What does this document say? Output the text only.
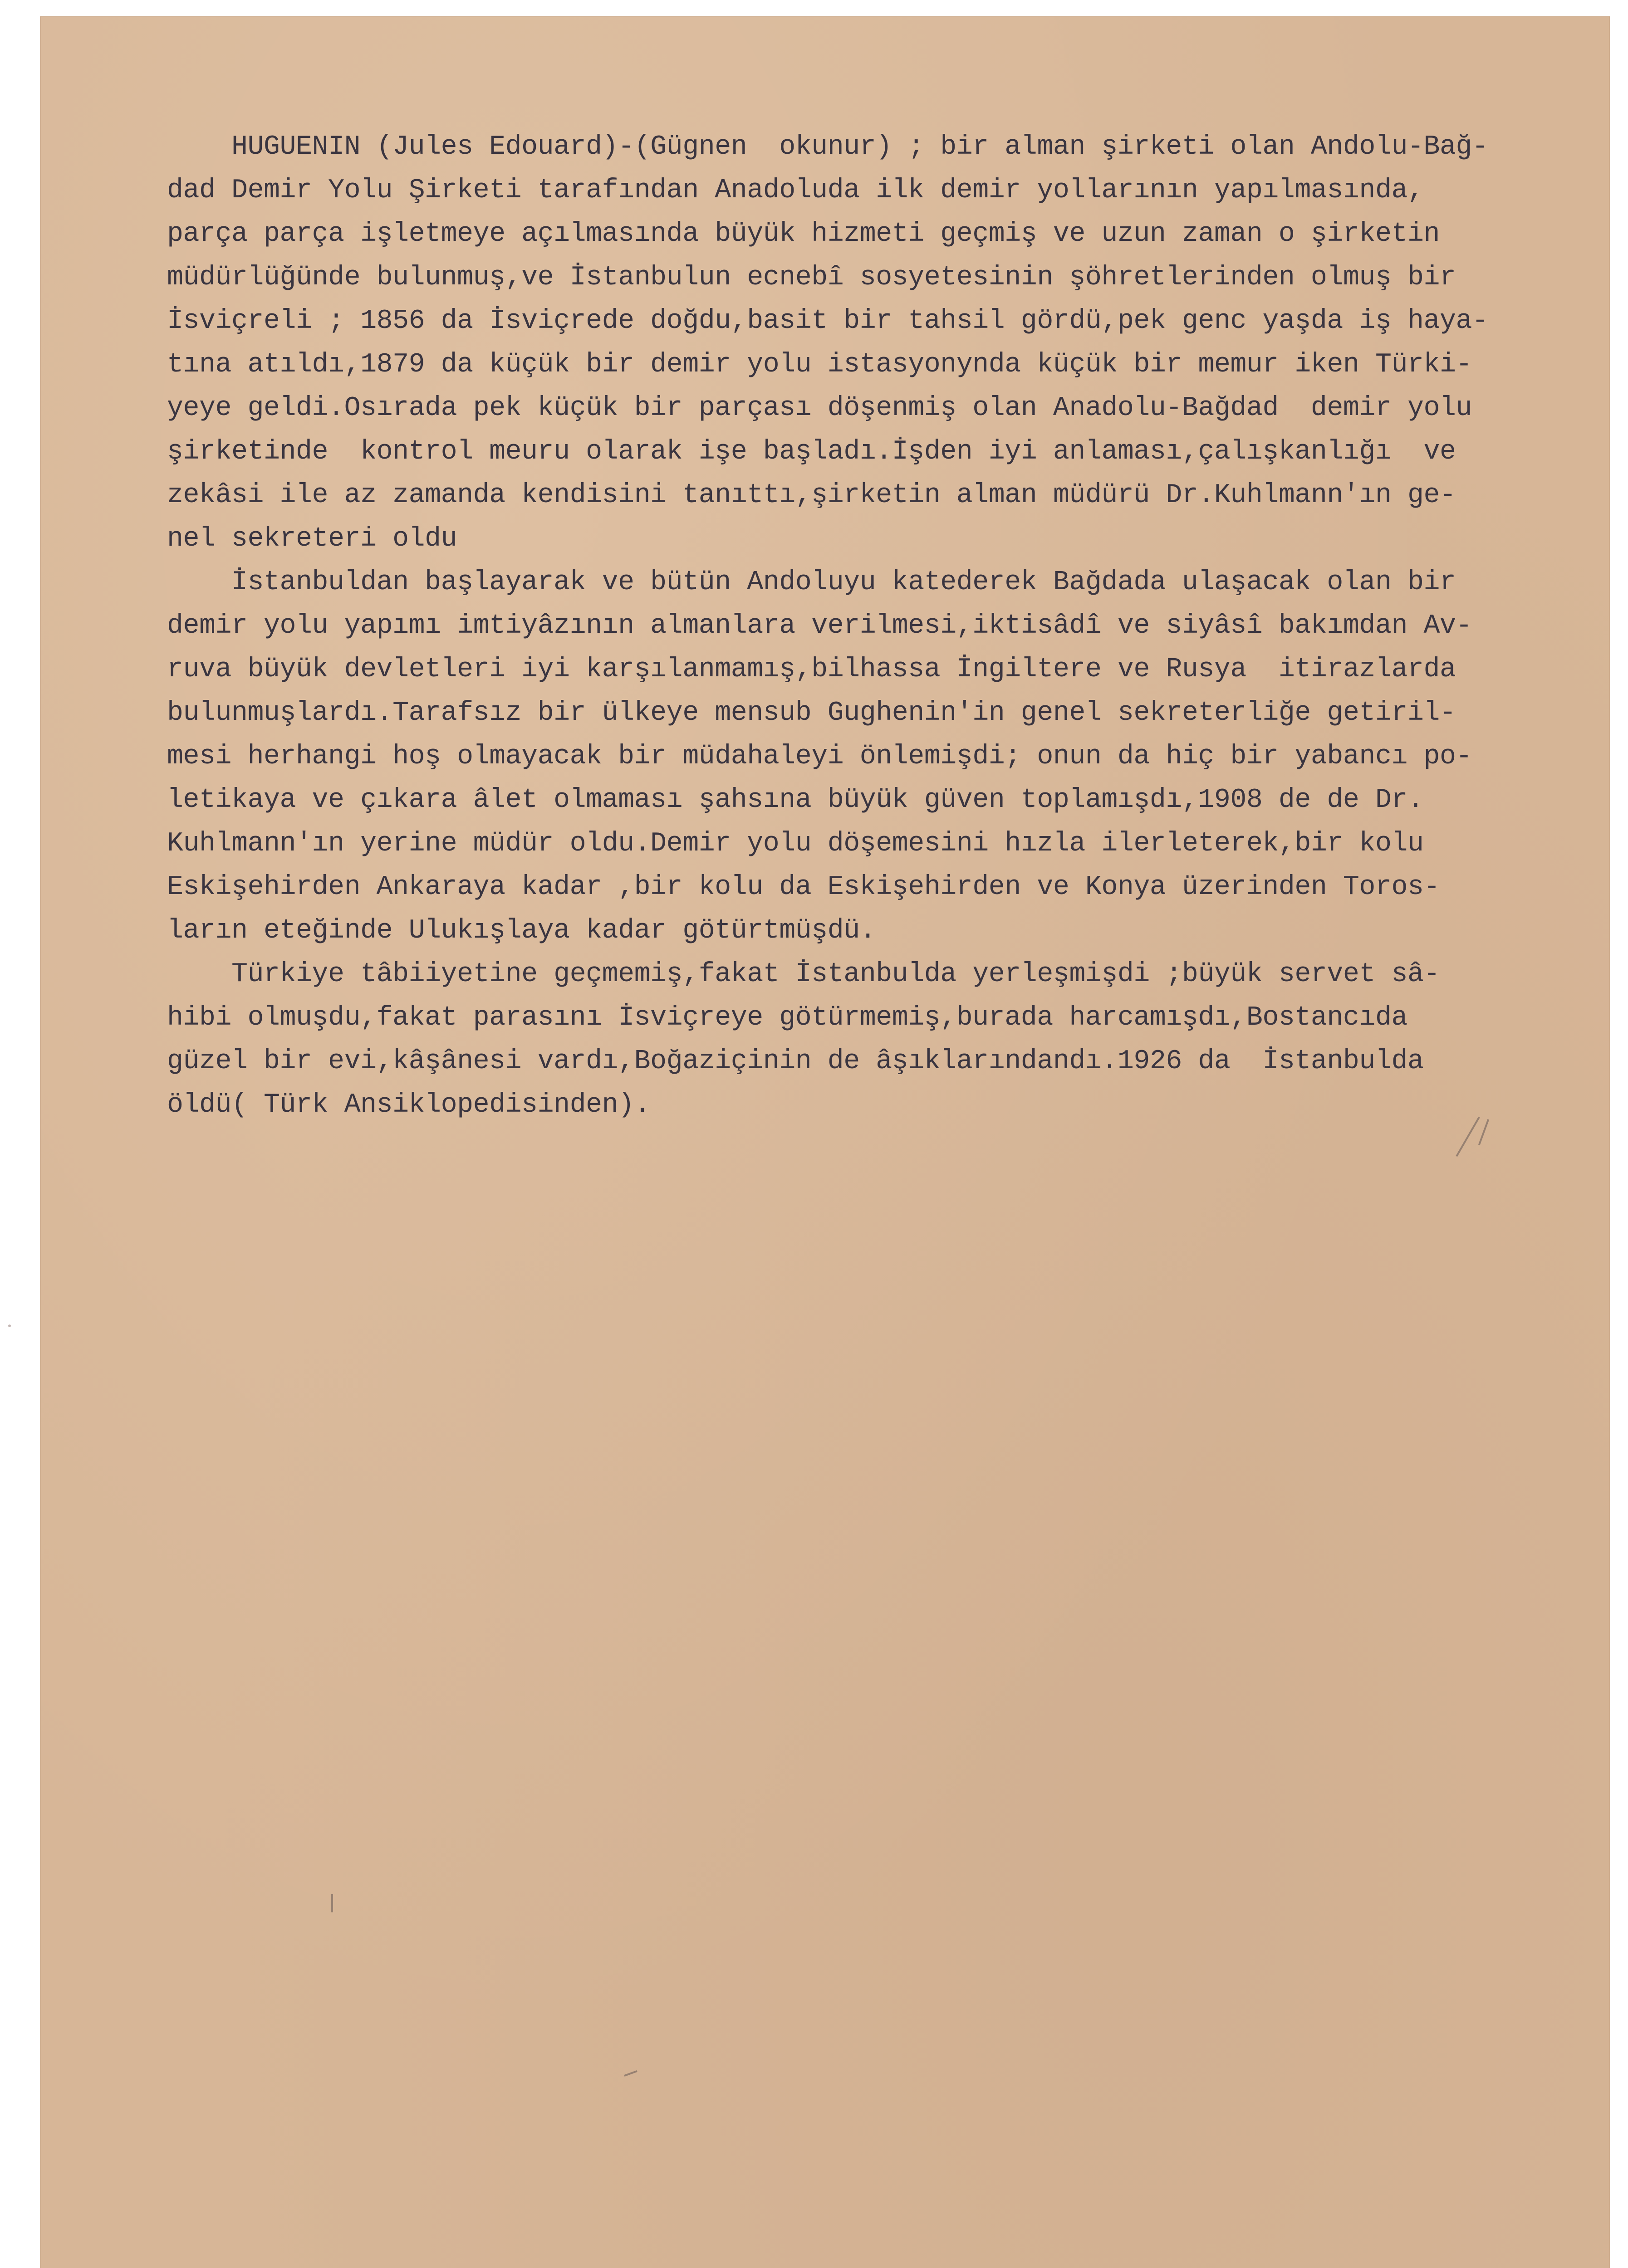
HUGUENIN (Jules Edouard)-(Gügnen  okunur) ; bir alman şirketi olan Andolu-Bağ-
dad Demir Yolu Şirketi tarafından Anadoluda ilk demir yollarının yapılmasında,
parça parça işletmeye açılmasında büyük hizmeti geçmiş ve uzun zaman o şirketin
müdürlüğünde bulunmuş,ve İstanbulun ecnebî sosyetesinin şöhretlerinden olmuş bir
İsviçreli ; 1856 da İsviçrede doğdu,basit bir tahsil gördü,pek genc yaşda iş haya-
tına atıldı,1879 da küçük bir demir yolu istasyonynda küçük bir memur iken Türki-
yeye geldi.Osırada pek küçük bir parçası döşenmiş olan Anadolu-Bağdad  demir yolu
şirketinde  kontrol meuru olarak işe başladı.İşden iyi anlaması,çalışkanlığı  ve
zekâsi ile az zamanda kendisini tanıttı,şirketin alman müdürü Dr.Kuhlmann'ın ge-
nel sekreteri oldu
İstanbuldan başlayarak ve bütün Andoluyu katederek Bağdada ulaşacak olan bir
demir yolu yapımı imtiyâzının almanlara verilmesi,iktisâdî ve siyâsî bakımdan Av-
ruva büyük devletleri iyi karşılanmamış,bilhassa İngiltere ve Rusya  itirazlarda
bulunmuşlardı.Tarafsız bir ülkeye mensub Gughenin'in genel sekreterliğe getiril-
mesi herhangi hoş olmayacak bir müdahaleyi önlemişdi; onun da hiç bir yabancı po-
letikaya ve çıkara âlet olmaması şahsına büyük güven toplamışdı,1908 de de Dr.
Kuhlmann'ın yerine müdür oldu.Demir yolu döşemesini hızla ilerleterek,bir kolu
Eskişehirden Ankaraya kadar ,bir kolu da Eskişehirden ve Konya üzerinden Toros-
ların eteğinde Ulukışlaya kadar götürtmüşdü.
Türkiye tâbiiyetine geçmemiş,fakat İstanbulda yerleşmişdi ;büyük servet sâ-
hibi olmuşdu,fakat parasını İsviçreye götürmemiş,burada harcamışdı,Bostancıda
güzel bir evi,kâşânesi vardı,Boğaziçinin de âşıklarındandı.1926 da  İstanbulda
öldü( Türk Ansiklopedisinden).
